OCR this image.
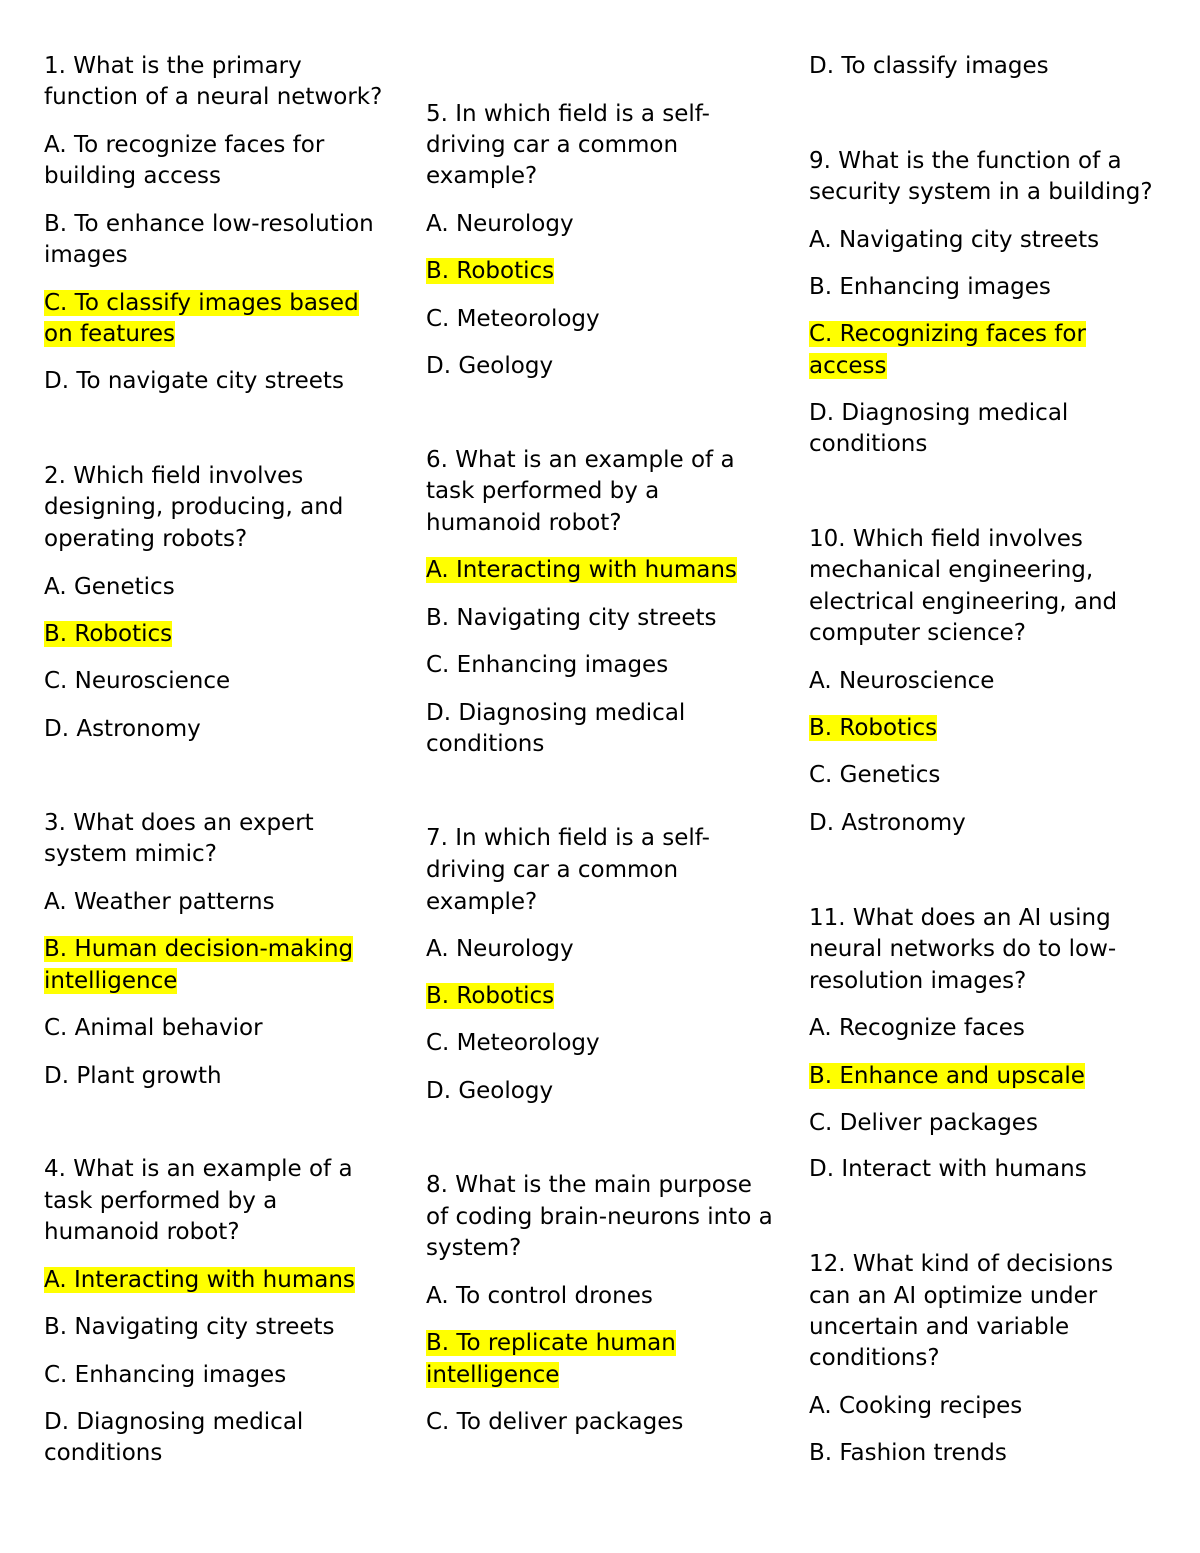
1. What is the primary

function of a neural network?

A. To recognize faces for

building access

B. To enhance low-resolution

images

C. To classify images based

on features

D. To navigate city streets

2. Which field involves

designing, producing, and

operating robots?

A. Genetics

B. Robotics

C. Neuroscience

D. Astronomy

3. What does an expert

system mimic?

A. Weather patterns

B. Human decision-making

intelligence

C. Animal behavior

D. Plant growth

4. What is an example of a

task performed by a

humanoid robot?

A. Interacting with humans

B. Navigating city streets

C. Enhancing images

D. Diagnosing medical

conditions

5. In which field is a self-

driving car a common

example?

A. Neurology

B. Robotics

C. Meteorology

D. Geology

6. What is an example of a

task performed by a

humanoid robot?

A. Interacting with humans

B. Navigating city streets

C. Enhancing images

D. Diagnosing medical

conditions

7. In which field is a self-

driving car a common

example?

A. Neurology

B. Robotics

C. Meteorology

D. Geology

8. What is the main purpose

of coding brain-neurons into a

system?

A. To control drones

B. To replicate human

intelligence

C. To deliver packages

D. To classify images

9. What is the function of a

security system in a building?

A. Navigating city streets

B. Enhancing images

C. Recognizing faces for

access

D. Diagnosing medical

conditions

10. Which field involves

mechanical engineering,

electrical engineering, and

computer science?

A. Neuroscience

B. Robotics

C. Genetics

D. Astronomy

11. What does an AI using

neural networks do to low-

resolution images?

A. Recognize faces

B. Enhance and upscale

C. Deliver packages

D. Interact with humans

12. What kind of decisions

can an AI optimize under

uncertain and variable

conditions?

A. Cooking recipes

B. Fashion trends
